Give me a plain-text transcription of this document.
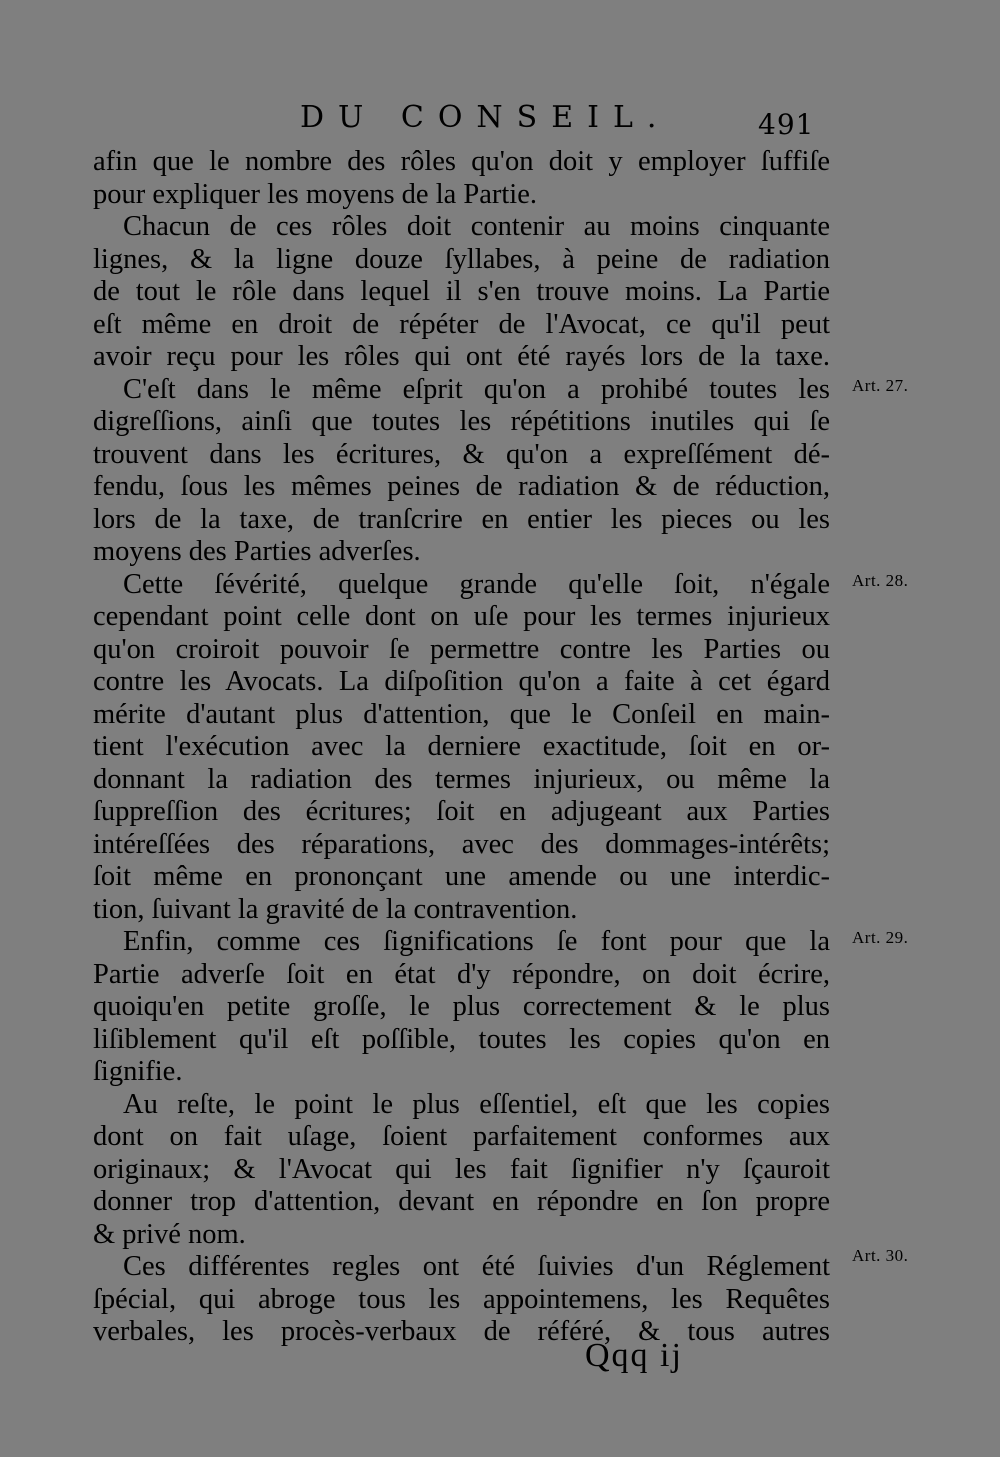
DU CONSEIL.	491
afin que le nombre des rôles qu'on doit y employer ſuffiſe
pour expliquer les moyens de la Partie.
Chacun de ces rôles doit contenir au moins cinquante
lignes, & la ligne douze ſyllabes, à peine de radiation
de tout le rôle dans lequel il s'en trouve moins. La Partie
eſt même en droit de répéter de l'Avocat, ce qu'il peut
avoir reçu pour les rôles qui ont été rayés lors de la taxe.
C'eſt dans le même eſprit qu'on a prohibé toutes les
digreſſions, ainſi que toutes les répétitions inutiles qui ſe
trouvent dans les écritures, & qu'on a expreſſément dé-
fendu, ſous les mêmes peines de radiation & de réduction,
lors de la taxe, de tranſcrire en entier les pieces ou les
moyens des Parties adverſes.
Cette ſévérité, quelque grande qu'elle ſoit, n'égale
cependant point celle dont on uſe pour les termes injurieux
qu'on croiroit pouvoir ſe permettre contre les Parties ou
contre les Avocats. La diſpoſition qu'on a faite à cet égard
mérite d'autant plus d'attention, que le Conſeil en main-
tient l'exécution avec la derniere exactitude, ſoit en or-
donnant la radiation des termes injurieux, ou même la
ſuppreſſion des écritures; ſoit en adjugeant aux Parties
intéreſſées des réparations, avec des dommages-intérêts;
ſoit même en prononçant une amende ou une interdic-
tion, ſuivant la gravité de la contravention.
Enfin, comme ces ſignifications ſe font pour que la
Partie adverſe ſoit en état d'y répondre, on doit écrire,
quoiqu'en petite groſſe, le plus correctement & le plus
liſiblement qu'il eſt poſſible, toutes les copies qu'on en
ſignifie.
Au reſte, le point le plus eſſentiel, eſt que les copies
dont on fait uſage, ſoient parfaitement conformes aux
originaux; & l'Avocat qui les fait ſignifier n'y ſçauroit
donner trop d'attention, devant en répondre en ſon propre
& privé nom.
Ces différentes regles ont été ſuivies d'un Réglement
ſpécial, qui abroge tous les appointemens, les Requêtes
verbales, les procès-verbaux de référé, & tous autres
Art. 27.
Art. 28.
Art. 29.
Art. 30.
Qqq ij
